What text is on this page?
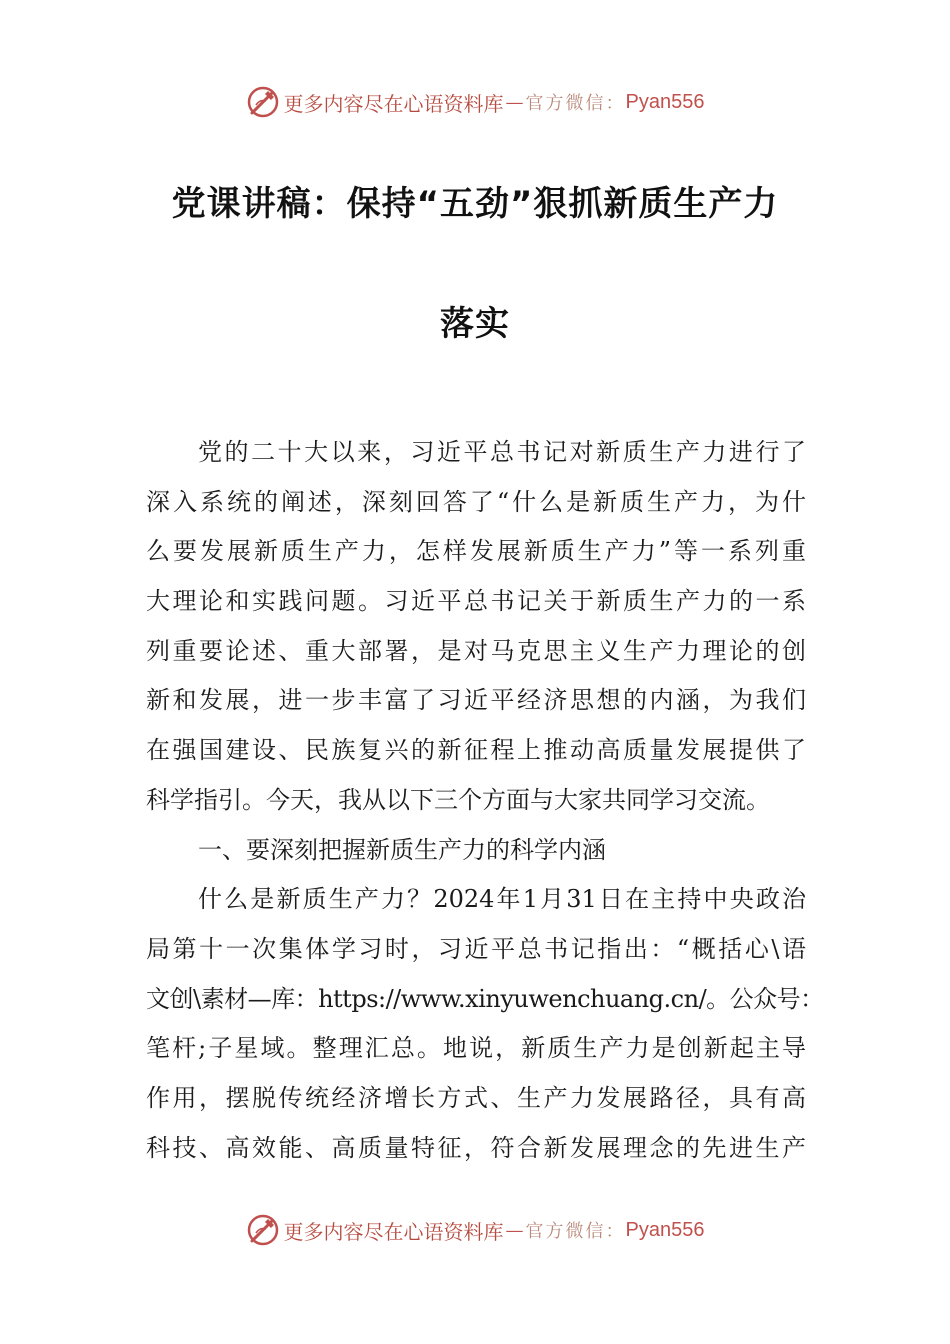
更多内容尽在心语资料库 — 官方微信： Pyan556
党课讲稿：保持“五劲”狠抓新质生产力
落实
党的二十大以来，习近平总书记对新质生产力进行了
深入系统的阐述，深刻回答了“什么是新质生产力，为什
么要发展新质生产力，怎样发展新质生产力”等一系列重
大理论和实践问题。习近平总书记关于新质生产力的一系
列重要论述、重大部署，是对马克思主义生产力理论的创
新和发展，进一步丰富了习近平经济思想的内涵，为我们
在强国建设、民族复兴的新征程上推动高质量发展提供了
科学指引。今天，我从以下三个方面与大家共同学习交流。
一、要深刻把握新质生产力的科学内涵
什么是新质生产力？2024年1月31日在主持中央政治
局第十一次集体学习时，习近平总书记指出：“概括心\语
文创\素材—库：https://www.xinyuwenchuang.cn/。公众号：
笔杆;子星域。整理汇总。地说，新质生产力是创新起主导
作用，摆脱传统经济增长方式、生产力发展路径，具有高
科技、高效能、高质量特征，符合新发展理念的先进生产
更多内容尽在心语资料库 — 官方微信： Pyan556
